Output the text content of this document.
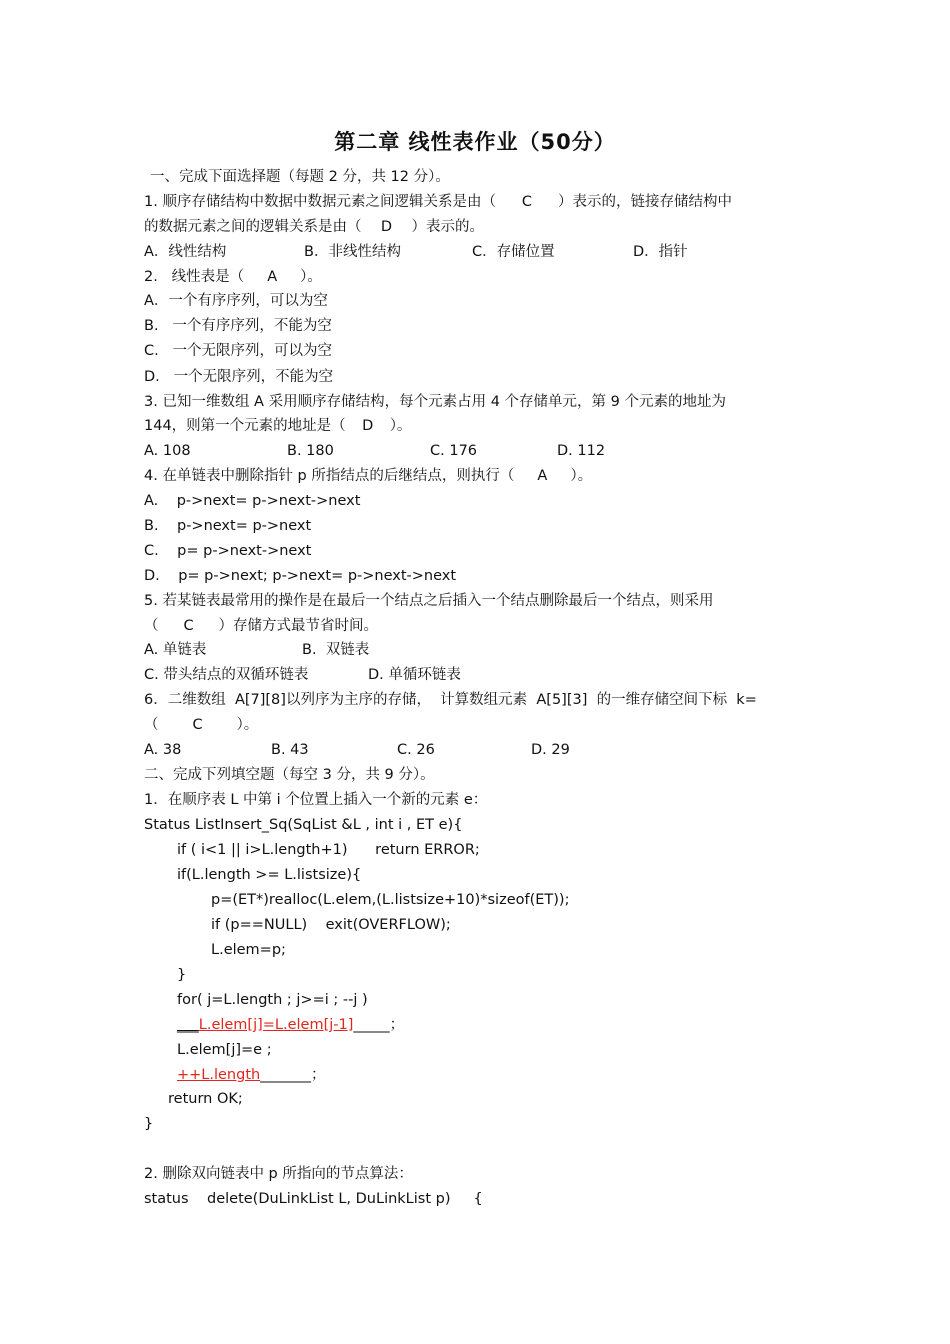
第二章 线性表作业（50分）
一、完成下面选择题（每题 2 分，共 12 分）。
1. 顺序存储结构中数据中数据元素之间逻辑关系是由（ C ）表示的，链接存储结构中
的数据元素之间的逻辑关系是由（ D ）表示的。
A．线性结构	B．非线性结构	C．存储位置	D．指针
2.   线性表是（ A ）。
A．一个有序序列，可以为空
B.   一个有序序列，不能为空
C.   一个无限序列，可以为空
D.   一个无限序列，不能为空
3. 已知一维数组 A 采用顺序存储结构，每个元素占用 4 个存储单元，第 9 个元素的地址为
144，则第一个元素的地址是（ D ）。
A. 108	B. 180	C. 176	D. 112
4. 在单链表中删除指针 p 所指结点的后继结点，则执行（ A ）。
A.    p->next= p->next->next
B.    p->next= p->next
C.    p= p->next->next
D.    p= p->next; p->next= p->next->next
5. 若某链表最常用的操作是在最后一个结点之后插入一个结点删除最后一个结点，则采用
（ C ）存储方式最节省时间。
A. 单链表	B.  双链表
C. 带头结点的双循环链表	D. 单循环链表
6．二维数组  A[7][8]以列序为主序的存储，  计算数组元素  A[5][3]  的一维存储空间下标  k=
（ C ）。
A. 38	B. 43	C. 26	D. 29
二、完成下列填空题（每空 3 分，共 9 分）。
1．在顺序表 L 中第 i 个位置上插入一个新的元素 e：
Status ListInsert_Sq(SqList &L , int i , ET e){
if ( i<1 || i>L.length+1)      return ERROR;
if(L.length >= L.listsize){
p=(ET*)realloc(L.elem,(L.listsize+10)*sizeof(ET));
if (p==NULL)    exit(OVERFLOW);
L.elem=p;
}
for( j=L.length ; j>=i ; --j )
___L.elem[j]=L.elem[j-1]_____；
L.elem[j]=e ;
++L.length_______；
return OK;
}
2. 删除双向链表中 p 所指向的节点算法：
status    delete(DuLinkList L, DuLinkList p)     {
